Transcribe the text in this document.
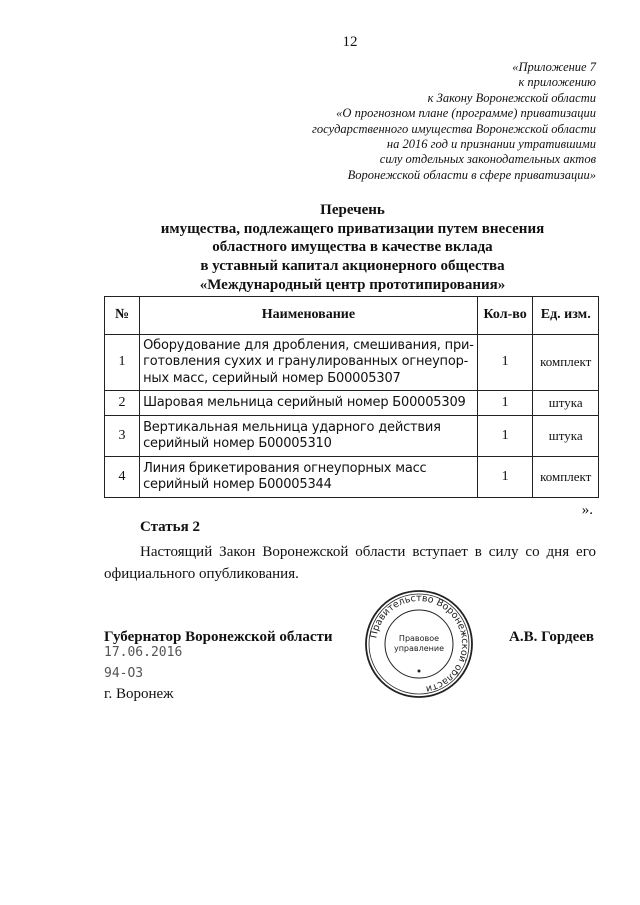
12
«Приложение 7
к приложению
к Закону Воронежской области
«О прогнозном плане (программе) приватизации
государственного имущества Воронежской области
на 2016 год и признании утратившими
силу отдельных законодательных актов
Воронежской области в сфере приватизации»
Перечень
имущества, подлежащего приватизации путем внесения
областного имущества в качестве вклада
в уставный капитал акционерного общества
«Международный центр прототипирования»
№	Наименование	Кол-во	Ед. изм.
1	Оборудование для дробления, смешивания, при-
готовления сухих и гранулированных огнеупор-
ных масс, серийный номер Б00005307	1	комплект
2	Шаровая мельница серийный номер Б00005309	1	штука
3	Вертикальная мельница ударного действия
серийный номер Б00005310	1	штука
4	Линия брикетирования огнеупорных масс
серийный номер Б00005344	1	комплект
».
Статья 2
Настоящий Закон Воронежской области вступает в силу со дня его официального опубликования.
Губернатор Воронежской области	А.В. Гордеев
17.06.2016
94-ОЗ
г. Воронеж
Правительство Воронежской области
Правовое
управление
